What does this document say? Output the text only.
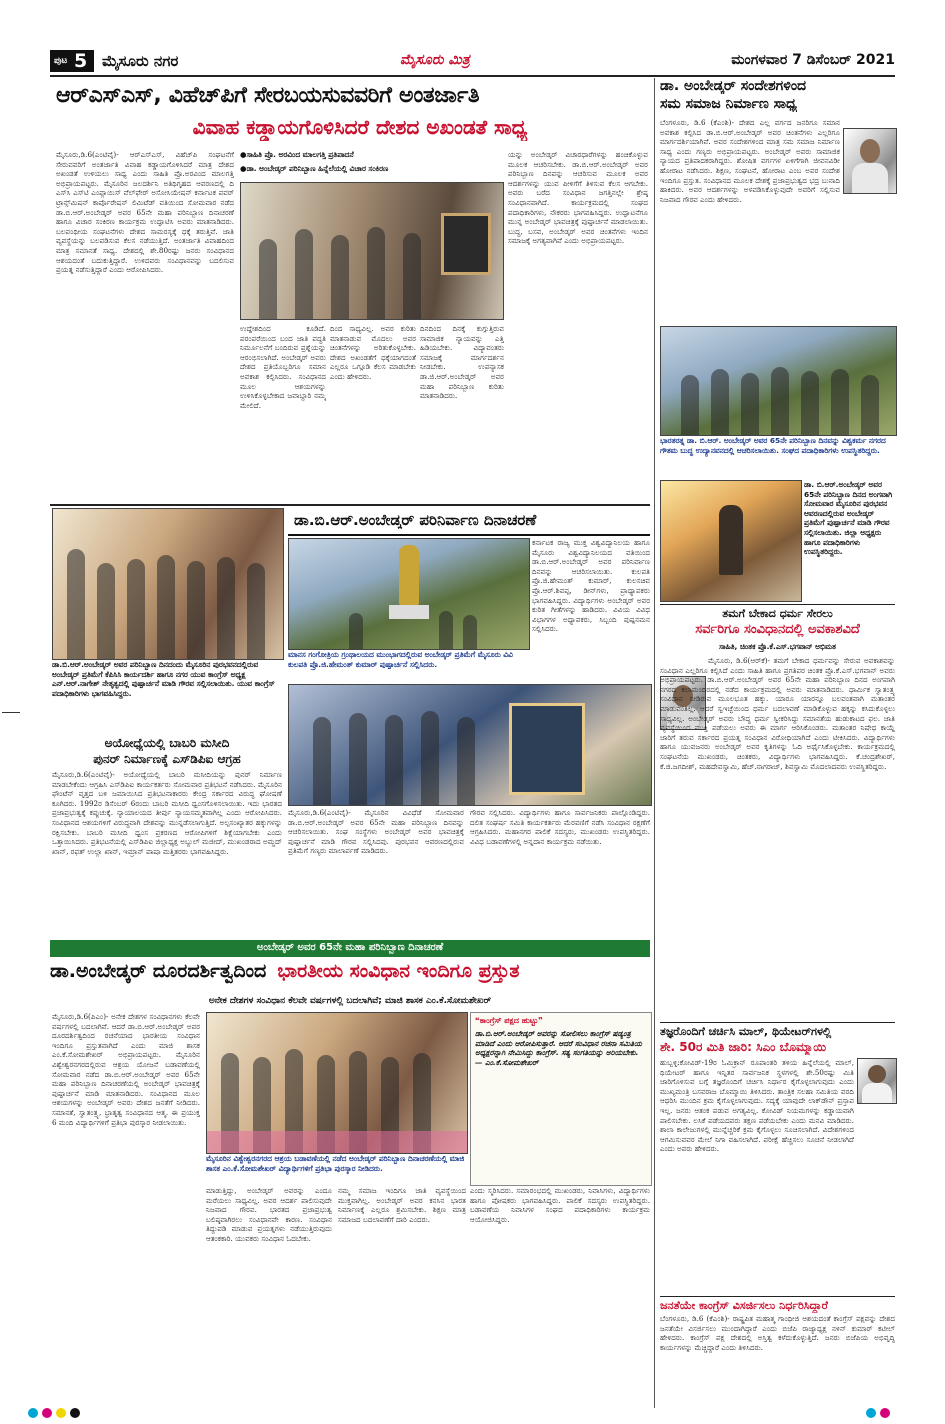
ಪುಟ 5 ಮೈಸೂರು ನಗರ	ಮೈಸೂರು ಮಿತ್ರ	ಮಂಗಳವಾರ 7 ಡಿಸೆಂಬರ್ 2021
ಆರ್‌ಎಸ್‌ಎಸ್, ವಿಹೆಚ್‌ಪಿಗೆ ಸೇರಬಯಸುವವರಿಗೆ ಅಂತರ್ಜಾತಿ
ವಿವಾಹ ಕಡ್ಡಾಯಗೊಳಿಸಿದರೆ ದೇಶದ ಅಖಂಡತೆ ಸಾಧ್ಯ
ಮೈಸೂರು,ಡಿ.6(ಎಂಟಿವೈ)- ಆರ್‌ಎಸ್‌ಎಸ್, ವಿಹೆಚ್‌ಪಿ ಸಂಘಟನೆಗೆ ಸೇರುವವರಿಗೆ ಅಂತರ್ಜಾತಿ ವಿವಾಹ ಕಡ್ಡಾಯಗೊಳಿಸಿದರೆ ಮಾತ್ರ ದೇಶದ ಅಖಂಡತೆ ಉಳಿಯಲು ಸಾಧ್ಯ ಎಂದು ಸಾಹಿತಿ ಪ್ರೊ.ಅರವಿಂದ ಮಾಲಗತ್ತಿ ಅಭಿಪ್ರಾಯಪಟ್ಟರು. ಮೈಸೂರಿನ ಜಲದರ್ಶಿನಿ ಅತಿಥಿಗೃಹದ ಆವರಣದಲ್ಲಿ ದಿ ಎಸ್‌ಸಿ ಎಸ್‌ಟಿ ಎಂಪ್ಲಾಯಿಸ್ ವೆಲ್‌ಫೇರ್ ಅಸೋಸಿಯೇಷನ್ ಕರ್ನಾಟಕ ಪವರ್ ಟ್ರಾನ್ಸ್‌ಮಿಷನ್ ಕಾರ್ಪೊರೇಷನ್ ಲಿಮಿಟೆಡ್ ವತಿಯಿಂದ ಸೋಮವಾರ ನಡೆದ ಡಾ.ಬಿ.ಆರ್.ಅಂಬೇಡ್ಕರ್ ಅವರ 65ನೇ ಮಹಾ ಪರಿನಿಬ್ಬಾಣ ದಿನಾಚರಣೆ ಹಾಗೂ ವಿಚಾರ ಸಂಕಿರಣ ಕಾರ್ಯಕ್ರಮ ಉದ್ಘಾಟಿಸಿ ಅವರು ಮಾತನಾಡಿದರು. ಬಲಪಂಥೀಯ ಸಂಘಟನೆಗಳು ದೇಶದ ಸಾಮರಸ್ಯಕ್ಕೆ ಧಕ್ಕೆ ತರುತ್ತಿವೆ. ಜಾತಿ ವ್ಯವಸ್ಥೆಯನ್ನು ಬಲಪಡಿಸುವ ಕೆಲಸ ನಡೆಯುತ್ತಿದೆ. ಅಂತರ್ಜಾತಿ ವಿವಾಹದಿಂದ ಮಾತ್ರ ಸಮಾನತೆ ಸಾಧ್ಯ. ದೇಶದಲ್ಲಿ ಶೇ.80ರಷ್ಟು ಜನರು ಸಂವಿಧಾನದ ಆಶಯದಂತೆ ಬದುಕುತ್ತಿದ್ದಾರೆ. ಉಳಿದವರು ಸಂವಿಧಾನವನ್ನು ಬದಲಿಸುವ ಪ್ರಯತ್ನ ನಡೆಸುತ್ತಿದ್ದಾರೆ ಎಂದು ಆರೋಪಿಸಿದರು.
●ಸಾಹಿತಿ ಪ್ರೊ. ಅರವಿಂದ ಮಾಲಗತ್ತಿ ಪ್ರತಿಪಾದನೆ
●ಡಾ. ಅಂಬೇಡ್ಕರ್ ಪರಿನಿಬ್ಬಾಣ ಹಿನ್ನೆಲೆಯಲ್ಲಿ ವಿಚಾರ ಸಂಕಿರಣ
ಯನ್ನು ಅಂಬೇಡ್ಕರ್ ವಿಚಾರಧಾರೆಗಳನ್ನು ಹಂಚಿಕೊಳ್ಳುವ ಮೂಲಕ ಆಚರಿಸಬೇಕು. ಡಾ.ಬಿ.ಆರ್.ಅಂಬೇಡ್ಕರ್ ಅವರ ಪರಿನಿಬ್ಬಾಣ ದಿನವನ್ನು ಆಚರಿಸುವ ಮೂಲಕ ಅವರ ಆದರ್ಶಗಳನ್ನು ಯುವ ಪೀಳಿಗೆಗೆ ತಿಳಿಸುವ ಕೆಲಸ ಆಗಬೇಕು. ಅವರು ಬರೆದ ಸಂವಿಧಾನ ಜಗತ್ತಿನಲ್ಲೇ ಶ್ರೇಷ್ಠ ಸಂವಿಧಾನವಾಗಿದೆ. ಕಾರ್ಯಕ್ರಮದಲ್ಲಿ ಸಂಘದ ಪದಾಧಿಕಾರಿಗಳು, ನೌಕರರು ಭಾಗವಹಿಸಿದ್ದರು. ಉದ್ಘಾಟನೆಗೂ ಮುನ್ನ ಅಂಬೇಡ್ಕರ್ ಭಾವಚಿತ್ರಕ್ಕೆ ಪುಷ್ಪಾರ್ಚನೆ ಮಾಡಲಾಯಿತು. ಬುದ್ಧ, ಬಸವ, ಅಂಬೇಡ್ಕರ್ ಅವರ ಚಿಂತನೆಗಳು ಇಂದಿನ ಸಮಾಜಕ್ಕೆ ಅಗತ್ಯವಾಗಿವೆ ಎಂದು ಅಭಿಪ್ರಾಯಪಟ್ಟರು.
ಉದ್ದೇಶದಿಂದ ಕೂಡಿದೆ. ಪರಂಪರೆಯಿಂದ ಬಂದ ಜಾತಿ ಪದ್ಧತಿ ನಿರ್ಮೂಲನೆಗೆ ಬಂದಿರುವ ಪ್ರಶ್ನೆಯನ್ನು ಆರಂಭಿಸಲಾಗಿದೆ. ಅಂಬೇಡ್ಕರ್ ಅವರು ದೇಶದ ಪ್ರತಿಯೊಬ್ಬರಿಗೂ ಸಮಾನ ಅವಕಾಶ ಕಲ್ಪಿಸಿದರು. ಸಂವಿಧಾನದ ಮೂಲ ಆಶಯಗಳನ್ನು ಉಳಿಸಿಕೊಳ್ಳಬೇಕಾದ ಜವಾಬ್ದಾರಿ ನಮ್ಮ ಮೇಲಿದೆ.
ದಿಂದ ಸಾಧ್ಯವಿಲ್ಲ. ಅವರ ಕುರಿತು ಮಾತನಾಡುವ ಮೊದಲು ಅವರ ಚಿಂತನೆಗಳನ್ನು ಅರಿತುಕೊಳ್ಳಬೇಕು. ದೇಶದ ಅಖಂಡತೆಗೆ ಧಕ್ಕೆಯಾಗದಂತೆ ಎಲ್ಲರೂ ಒಗ್ಗೂಡಿ ಕೆಲಸ ಮಾಡಬೇಕು ಎಂದು ಹೇಳಿದರು.
ದಿನದಿಂದ ದಿನಕ್ಕೆ ಕುಗ್ಗುತ್ತಿರುವ ಸಾಮಾಜಿಕ ನ್ಯಾಯವನ್ನು ಎತ್ತಿ ಹಿಡಿಯಬೇಕು. ವಿದ್ಯಾವಂತರು ಸಮಾಜಕ್ಕೆ ಮಾರ್ಗದರ್ಶನ ನೀಡಬೇಕು. ಉಪನ್ಯಾಸಕ ಡಾ.ಜಿ.ಆರ್.ಅಂಬೇಡ್ಕರ್ ಅವರ ಮಹಾ ಪರಿನಿಬ್ಬಾಣ ಕುರಿತು ಮಾತನಾಡಿದರು.
ಡಾ. ಅಂಬೇಡ್ಕರ್ ಸಂದೇಶಗಳಿಂದ
ಸಮ ಸಮಾಜ ನಿರ್ಮಾಣ ಸಾಧ್ಯ
ಬೆಂಗಳೂರು, ಡಿ.6 (ಕೆಎಂಶಿ)- ದೇಶದ ಎಲ್ಲ ವರ್ಗದ ಜನರಿಗೂ ಸಮಾನ ಅವಕಾಶ ಕಲ್ಪಿಸಿದ ಡಾ.ಬಿ.ಆರ್.ಅಂಬೇಡ್ಕರ್ ಅವರ ಚಿಂತನೆಗಳು ಎಲ್ಲರಿಗೂ ಮಾರ್ಗದರ್ಶಿಯಾಗಿವೆ. ಅವರ ಸಂದೇಶಗಳಿಂದ ಮಾತ್ರ ಸಮ ಸಮಾಜ ನಿರ್ಮಾಣ ಸಾಧ್ಯ ಎಂದು ಗಣ್ಯರು ಅಭಿಪ್ರಾಯಪಟ್ಟರು. ಅಂಬೇಡ್ಕರ್ ಅವರು ಸಾಮಾಜಿಕ ನ್ಯಾಯದ ಪ್ರತಿಪಾದಕರಾಗಿದ್ದರು. ಶೋಷಿತ ವರ್ಗಗಳ ಏಳಿಗೆಗಾಗಿ ಜೀವನವಿಡೀ ಹೋರಾಟ ನಡೆಸಿದರು. ಶಿಕ್ಷಣ, ಸಂಘಟನೆ, ಹೋರಾಟ ಎಂಬ ಅವರ ಸಂದೇಶ ಇಂದಿಗೂ ಪ್ರಸ್ತುತ. ಸಂವಿಧಾನದ ಮೂಲಕ ದೇಶಕ್ಕೆ ಪ್ರಜಾಪ್ರಭುತ್ವದ ಭದ್ರ ಬುನಾದಿ ಹಾಕಿದರು. ಅವರ ಆದರ್ಶಗಳನ್ನು ಅಳವಡಿಸಿಕೊಳ್ಳುವುದೇ ಅವರಿಗೆ ಸಲ್ಲಿಸುವ ನಿಜವಾದ ಗೌರವ ಎಂದು ಹೇಳಿದರು.
ಭಾರತರತ್ನ ಡಾ. ಬಿ.ಆರ್. ಅಂಬೇಡ್ಕರ್ ಅವರ 65ನೇ ಪರಿನಿಬ್ಬಾಣ ದಿನವನ್ನು ವಿಶ್ವಕರ್ಮ ನಗರದ ಗೌತಮ ಬುದ್ಧ ಉದ್ಯಾನವನದಲ್ಲಿ ಆಚರಿಸಲಾಯಿತು. ಸಂಘದ ಪದಾಧಿಕಾರಿಗಳು ಉಪಸ್ಥಿತರಿದ್ದರು.
ಡಾ. ಬಿ.ಆರ್.ಅಂಬೇಡ್ಕರ್ ಅವರ 65ನೇ ಪರಿನಿಬ್ಬಾಣ ದಿನದ ಅಂಗವಾಗಿ ಸೋಮವಾರ ಮೈಸೂರಿನ ಪುರಭವನ ಆವರಣದಲ್ಲಿರುವ ಅಂಬೇಡ್ಕರ್ ಪ್ರತಿಮೆಗೆ ಪುಷ್ಪಾರ್ಚನೆ ಮಾಡಿ ಗೌರವ ಸಲ್ಲಿಸಲಾಯಿತು. ಜಿಲ್ಲಾ ಅಧ್ಯಕ್ಷರು ಹಾಗೂ ಪದಾಧಿಕಾರಿಗಳು ಉಪಸ್ಥಿತರಿದ್ದರು.
ತಮಗೆ ಬೇಕಾದ ಧರ್ಮ ಸೇರಲು
ಸರ್ವರಿಗೂ ಸಂವಿಧಾನದಲ್ಲಿ ಅವಕಾಶವಿದೆ
ಸಾಹಿತಿ, ಚಿಂತಕ ಪ್ರೊ.ಕೆ.ಎಸ್.ಭಗವಾನ್ ಅಭಿಮತ
ಮೈಸೂರು, ಡಿ.6(ಆರ್‌ಕೆ)- ತಮಗೆ ಬೇಕಾದ ಧರ್ಮವನ್ನು ಸೇರುವ ಅವಕಾಶವನ್ನು ಸಂವಿಧಾನ ಎಲ್ಲರಿಗೂ ಕಲ್ಪಿಸಿದೆ ಎಂದು ಸಾಹಿತಿ ಹಾಗೂ ಪ್ರಗತಿಪರ ಚಿಂತಕ ಪ್ರೊ.ಕೆ.ಎಸ್.ಭಗವಾನ್ ಅವರು ಅಭಿಪ್ರಾಯಪಟ್ಟರು. ಡಾ.ಬಿ.ಆರ್.ಅಂಬೇಡ್ಕರ್ ಅವರ 65ನೇ ಮಹಾ ಪರಿನಿಬ್ಬಾಣ ದಿನದ ಅಂಗವಾಗಿ ನಗರದ ಕಲಾಮಂದಿರದಲ್ಲಿ ನಡೆದ ಕಾರ್ಯಕ್ರಮದಲ್ಲಿ ಅವರು ಮಾತನಾಡಿದರು. ಧಾರ್ಮಿಕ ಸ್ವಾತಂತ್ರ್ಯ ಸಂವಿಧಾನ ನೀಡಿರುವ ಮೂಲಭೂತ ಹಕ್ಕು. ಯಾರೂ ಯಾರನ್ನೂ ಬಲವಂತವಾಗಿ ಮತಾಂತರ ಮಾಡುವಂತಿಲ್ಲ. ಆದರೆ ಸ್ವಇಚ್ಛೆಯಿಂದ ಧರ್ಮ ಬದಲಾವಣೆ ಮಾಡಿಕೊಳ್ಳುವ ಹಕ್ಕನ್ನು ಕಸಿದುಕೊಳ್ಳಲು ಸಾಧ್ಯವಿಲ್ಲ. ಅಂಬೇಡ್ಕರ್ ಅವರು ಬೌದ್ಧ ಧರ್ಮ ಸ್ವೀಕರಿಸಿದ್ದು ಸಮಾನತೆಯ ಹುಡುಕಾಟದ ಫಲ. ಜಾತಿ ವ್ಯವಸ್ಥೆಯಿಂದ ಮುಕ್ತಿ ಪಡೆಯಲು ಅವರು ಈ ಮಾರ್ಗ ಆರಿಸಿಕೊಂಡರು. ಮತಾಂತರ ನಿಷೇಧ ಕಾಯ್ದೆ ಜಾರಿಗೆ ತರುವ ಸರ್ಕಾರದ ಪ್ರಯತ್ನ ಸಂವಿಧಾನ ವಿರೋಧಿಯಾಗಿದೆ ಎಂದು ಟೀಕಿಸಿದರು. ವಿದ್ಯಾರ್ಥಿಗಳು ಹಾಗೂ ಯುವಜನರು ಅಂಬೇಡ್ಕರ್ ಅವರ ಕೃತಿಗಳನ್ನು ಓದಿ ಅರ್ಥೈಸಿಕೊಳ್ಳಬೇಕು. ಕಾರ್ಯಕ್ರಮದಲ್ಲಿ ಸಂಘಟನೆಯ ಮುಖಂಡರು, ಚಿಂತಕರು, ವಿದ್ಯಾರ್ಥಿಗಳು ಭಾಗವಹಿಸಿದ್ದರು. ಕೆ.ಚಂದ್ರಶೇಖರ್, ಕೆ.ಜಿ.ಜಗದೀಶ್, ಮಹದೇವಸ್ವಾಮಿ, ಹೆಚ್.ನಾಗರಾಜ್, ಶಿವಸ್ವಾಮಿ ಮೊದಲಾದವರು ಉಪಸ್ಥಿತರಿದ್ದರು.
ತಜ್ಞರೊಂದಿಗೆ ಚರ್ಚಿಸಿ ಮಾಲ್, ಥಿಯೇಟರ್‌ಗಳಲ್ಲಿ
ಶೇ. 50ರ ಮಿತಿ ಜಾರಿ: ಸಿಎಂ ಬೊಮ್ಮಾಯಿ
ಹುಬ್ಬಳ್ಳಿ:ಕೋವಿಡ್-19ರ ಓಮಿಕ್ರಾನ್ ರೂಪಾಂತರಿ ತಳಿಯ ಹಿನ್ನೆಲೆಯಲ್ಲಿ ಮಾಲ್, ಥಿಯೇಟರ್ ಹಾಗೂ ಇನ್ನಿತರ ಸಾರ್ವಜನಿಕ ಸ್ಥಳಗಳಲ್ಲಿ ಶೇ.50ರಷ್ಟು ಮಿತಿ ಜಾರಿಗೊಳಿಸುವ ಬಗ್ಗೆ ತಜ್ಞರೊಂದಿಗೆ ಚರ್ಚಿಸಿ ನಿರ್ಧಾರ ಕೈಗೊಳ್ಳಲಾಗುವುದು ಎಂದು ಮುಖ್ಯಮಂತ್ರಿ ಬಸವರಾಜ ಬೊಮ್ಮಾಯಿ ತಿಳಿಸಿದರು. ತಾಂತ್ರಿಕ ಸಲಹಾ ಸಮಿತಿಯ ವರದಿ ಆಧರಿಸಿ ಮುಂದಿನ ಕ್ರಮ ಕೈಗೊಳ್ಳಲಾಗುವುದು. ಸದ್ಯಕ್ಕೆ ಯಾವುದೇ ಲಾಕ್‌ಡೌನ್ ಪ್ರಸ್ತಾಪ ಇಲ್ಲ. ಜನರು ಆತಂಕ ಪಡುವ ಅಗತ್ಯವಿಲ್ಲ. ಕೋವಿಡ್ ನಿಯಮಗಳನ್ನು ಕಡ್ಡಾಯವಾಗಿ ಪಾಲಿಸಬೇಕು. ಲಸಿಕೆ ಪಡೆಯದವರು ತಕ್ಷಣ ಪಡೆಯಬೇಕು ಎಂದು ಮನವಿ ಮಾಡಿದರು. ಶಾಲಾ ಕಾಲೇಜುಗಳಲ್ಲಿ ಮುನ್ನೆಚ್ಚರಿಕೆ ಕ್ರಮ ಕೈಗೊಳ್ಳಲು ಸೂಚಿಸಲಾಗಿದೆ. ವಿದೇಶಗಳಿಂದ ಆಗಮಿಸುವವರ ಮೇಲೆ ನಿಗಾ ವಹಿಸಲಾಗಿದೆ. ಪರೀಕ್ಷೆ ಹೆಚ್ಚಿಸಲು ಸೂಚನೆ ನೀಡಲಾಗಿದೆ ಎಂದು ಅವರು ಹೇಳಿದರು.
ಜನತೆಯೇ ಕಾಂಗ್ರೆಸ್ ವಿಸರ್ಜಿಸಲು ನಿರ್ಧರಿಸಿದ್ದಾರೆ
ಬೆಂಗಳೂರು, ಡಿ.6 (ಕೆಎಂಶಿ)- ರಾಷ್ಟ್ರಪಿತ ಮಹಾತ್ಮ ಗಾಂಧೀಜಿ ಆಶಯದಂತೆ ಕಾಂಗ್ರೆಸ್ ಪಕ್ಷವನ್ನು ದೇಶದ ಜನತೆಯೇ ವಿಸರ್ಜಿಸಲು ಮುಂದಾಗಿದ್ದಾರೆ ಎಂದು ಬಿಜೆಪಿ ರಾಜ್ಯಾಧ್ಯಕ್ಷ ನಳಿನ್ ಕುಮಾರ್ ಕಟೀಲ್ ಹೇಳಿದರು. ಕಾಂಗ್ರೆಸ್ ಪಕ್ಷ ದೇಶದಲ್ಲಿ ಅಸ್ತಿತ್ವ ಕಳೆದುಕೊಳ್ಳುತ್ತಿದೆ. ಜನರು ಬಿಜೆಪಿಯ ಅಭಿವೃದ್ಧಿ ಕಾರ್ಯಗಳನ್ನು ಮೆಚ್ಚಿದ್ದಾರೆ ಎಂದು ತಿಳಿಸಿದರು.
ಡಾ.ಬಿ.ಆರ್.ಅಂಬೇಡ್ಕರ್ ಅವರ ಪರಿನಿಬ್ಬಾಣ ದಿನದಂದು ಮೈಸೂರಿನ ಪುರಭವನದಲ್ಲಿರುವ ಅಂಬೇಡ್ಕರ್ ಪ್ರತಿಮೆಗೆ ಕೆಪಿಸಿಸಿ ಕಾರ್ಯದರ್ಶಿ ಹಾಗೂ ನಗರ ಯುವ ಕಾಂಗ್ರೆಸ್ ಅಧ್ಯಕ್ಷ ಎನ್.ಆರ್.ನಾಗೇಶ್ ನೇತೃತ್ವದಲ್ಲಿ ಪುಷ್ಪಾರ್ಚನೆ ಮಾಡಿ ಗೌರವ ಸಲ್ಲಿಸಲಾಯಿತು. ಯುವ ಕಾಂಗ್ರೆಸ್ ಪದಾಧಿಕಾರಿಗಳು ಭಾಗವಹಿಸಿದ್ದರು.
ಡಾ.ಬಿ.ಆರ್.ಅಂಬೇಡ್ಕರ್ ಪರಿನಿರ್ವಾಣ ದಿನಾಚರಣೆ
ಮಾನಸ ಗಂಗೋತ್ರಿಯ ಗ್ರಂಥಾಲಯದ ಮುಂಭಾಗದಲ್ಲಿರುವ ಅಂಬೇಡ್ಕರ್ ಪ್ರತಿಮೆಗೆ ಮೈಸೂರು ವಿವಿ ಕುಲಪತಿ ಪ್ರೊ.ಜಿ.ಹೇಮಂತ್ ಕುಮಾರ್ ಪುಷ್ಪಾರ್ಚನೆ ಸಲ್ಲಿಸಿದರು.
ಕರ್ನಾಟಕ ರಾಜ್ಯ ಮುಕ್ತ ವಿಶ್ವವಿದ್ಯಾನಿಲಯ ಹಾಗೂ ಮೈಸೂರು ವಿಶ್ವವಿದ್ಯಾನಿಲಯದ ವತಿಯಿಂದ ಡಾ.ಬಿ.ಆರ್.ಅಂಬೇಡ್ಕರ್ ಅವರ ಪರಿನಿರ್ವಾಣ ದಿನವನ್ನು ಆಚರಿಸಲಾಯಿತು. ಕುಲಪತಿ ಪ್ರೊ.ಜಿ.ಹೇಮಂತ್ ಕುಮಾರ್, ಕುಲಸಚಿವ ಪ್ರೊ.ಆರ್.ಶಿವಪ್ಪ, ಡೀನ್‌ಗಳು, ಪ್ರಾಧ್ಯಾಪಕರು ಭಾಗವಹಿಸಿದ್ದರು. ವಿದ್ಯಾರ್ಥಿಗಳು ಅಂಬೇಡ್ಕರ್ ಅವರ ಕುರಿತ ಗೀತೆಗಳನ್ನು ಹಾಡಿದರು. ವಿವಿಯ ವಿವಿಧ ವಿಭಾಗಗಳ ಅಧ್ಯಾಪಕರು, ಸಿಬ್ಬಂದಿ ಪುಷ್ಪನಮನ ಸಲ್ಲಿಸಿದರು.
ಅಯೋಧ್ಯೆಯಲ್ಲಿ ಬಾಬರಿ ಮಸೀದಿ
ಪುನರ್ ನಿರ್ಮಾಣಕ್ಕೆ ಎಸ್‌ಡಿಪಿಐ ಆಗ್ರಹ
ಮೈಸೂರು,ಡಿ.6(ಎಂಟಿವೈ)- ಅಯೋಧ್ಯೆಯಲ್ಲಿ ಬಾಬರಿ ಮಸೀದಿಯನ್ನು ಪುನರ್ ನಿರ್ಮಾಣ ಮಾಡಬೇಕೆಂದು ಆಗ್ರಹಿಸಿ ಎಸ್‌ಡಿಪಿಐ ಕಾರ್ಯಕರ್ತರು ಸೋಮವಾರ ಪ್ರತಿಭಟನೆ ನಡೆಸಿದರು. ಮೈಸೂರಿನ ಫೌಂಟೆನ್ ವೃತ್ತದ ಬಳಿ ಜಮಾಯಿಸಿದ ಪ್ರತಿಭಟನಾಕಾರರು ಕೇಂದ್ರ ಸರ್ಕಾರದ ವಿರುದ್ಧ ಘೋಷಣೆ ಕೂಗಿದರು. 1992ರ ಡಿಸೆಂಬರ್ 6ರಂದು ಬಾಬರಿ ಮಸೀದಿ ಧ್ವಂಸಗೊಳಿಸಲಾಯಿತು. ಇದು ಭಾರತದ ಪ್ರಜಾಪ್ರಭುತ್ವಕ್ಕೆ ಕಪ್ಪುಚುಕ್ಕೆ. ನ್ಯಾಯಾಲಯದ ತೀರ್ಪು ನ್ಯಾಯಸಮ್ಮತವಾಗಿಲ್ಲ ಎಂದು ಆರೋಪಿಸಿದರು. ಸಂವಿಧಾನದ ಆಶಯಗಳಿಗೆ ವಿರುದ್ಧವಾಗಿ ದೇಶವನ್ನು ಮುನ್ನಡೆಸಲಾಗುತ್ತಿದೆ. ಅಲ್ಪಸಂಖ್ಯಾತರ ಹಕ್ಕುಗಳನ್ನು ರಕ್ಷಿಸಬೇಕು. ಬಾಬರಿ ಮಸೀದಿ ಧ್ವಂಸ ಪ್ರಕರಣದ ಆರೋಪಿಗಳಿಗೆ ಶಿಕ್ಷೆಯಾಗಬೇಕು ಎಂದು ಒತ್ತಾಯಿಸಿದರು. ಪ್ರತಿಭಟನೆಯಲ್ಲಿ ಎಸ್‌ಡಿಪಿಐ ಜಿಲ್ಲಾಧ್ಯಕ್ಷ ಅಬ್ದುಲ್ ಮಜೀದ್, ಮುಖಂಡರಾದ ಅಮ್ಜದ್ ಖಾನ್, ರಫತ್ ಉಲ್ಲಾ ಖಾನ್, ಇಮ್ರಾನ್ ಪಾಷಾ ಮತ್ತಿತರರು ಭಾಗವಹಿಸಿದ್ದರು.
ಮೈಸೂರು,ಡಿ.6(ಎಂಟಿವೈ)- ಮೈಸೂರಿನ ವಿವಿಧೆಡೆ ಸೋಮವಾರ ಡಾ.ಬಿ.ಆರ್.ಅಂಬೇಡ್ಕರ್ ಅವರ 65ನೇ ಮಹಾ ಪರಿನಿಬ್ಬಾಣ ದಿನವನ್ನು ಆಚರಿಸಲಾಯಿತು. ಸಂಘ ಸಂಸ್ಥೆಗಳು ಅಂಬೇಡ್ಕರ್ ಅವರ ಭಾವಚಿತ್ರಕ್ಕೆ ಪುಷ್ಪಾರ್ಚನೆ ಮಾಡಿ ಗೌರವ ಸಲ್ಲಿಸಿದವು. ಪುರಭವನ ಆವರಣದಲ್ಲಿರುವ ಪ್ರತಿಮೆಗೆ ಗಣ್ಯರು ಮಾಲಾರ್ಪಣೆ ಮಾಡಿದರು.
ಗೌರವ ಸಲ್ಲಿಸಿದರು. ವಿದ್ಯಾರ್ಥಿಗಳು ಹಾಗೂ ಸಾರ್ವಜನಿಕರು ಪಾಲ್ಗೊಂಡಿದ್ದರು. ದಲಿತ ಸಂಘರ್ಷ ಸಮಿತಿ ಕಾರ್ಯಕರ್ತರು ಮೆರವಣಿಗೆ ನಡೆಸಿ ಸಂವಿಧಾನ ರಕ್ಷಣೆಗೆ ಆಗ್ರಹಿಸಿದರು. ಮಹಾನಗರ ಪಾಲಿಕೆ ಸದಸ್ಯರು, ಮುಖಂಡರು ಉಪಸ್ಥಿತರಿದ್ದರು. ವಿವಿಧ ಬಡಾವಣೆಗಳಲ್ಲಿ ಅನ್ನದಾನ ಕಾರ್ಯಕ್ರಮ ನಡೆಯಿತು.
ಅಂಬೇಡ್ಕರ್ ಅವರ 65ನೇ ಮಹಾ ಪರಿನಿಬ್ಬಾಣ ದಿನಾಚರಣೆ
ಡಾ.ಅಂಬೇಡ್ಕರ್ ದೂರದರ್ಶಿತ್ವದಿಂದ ಭಾರತೀಯ ಸಂವಿಧಾನ ಇಂದಿಗೂ ಪ್ರಸ್ತುತ
ಅನೇಕ ದೇಶಗಳ ಸಂವಿಧಾನ ಕೆಲವೇ ವರ್ಷಗಳಲ್ಲಿ ಬದಲಾಗಿವೆ; ಮಾಜಿ ಶಾಸಕ ಎಂ.ಕೆ.ಸೋಮಶೇಖರ್
ಮೈಸೂರು,ಡಿ.6(ಪಿಎಂ)- ಅನೇಕ ದೇಶಗಳ ಸಂವಿಧಾನಗಳು ಕೆಲವೇ ವರ್ಷಗಳಲ್ಲಿ ಬದಲಾಗಿವೆ. ಆದರೆ ಡಾ.ಬಿ.ಆರ್.ಅಂಬೇಡ್ಕರ್ ಅವರ ದೂರದರ್ಶಿತ್ವದಿಂದ ರಚನೆಯಾದ ಭಾರತೀಯ ಸಂವಿಧಾನ ಇಂದಿಗೂ ಪ್ರಸ್ತುತವಾಗಿದೆ ಎಂದು ಮಾಜಿ ಶಾಸಕ ಎಂ.ಕೆ.ಸೋಮಶೇಖರ್ ಅಭಿಪ್ರಾಯಪಟ್ಟರು. ಮೈಸೂರಿನ ವಿಶ್ವೇಶ್ವರನಗರದಲ್ಲಿರುವ ಆಶ್ರಯ ಯೋಜನೆ ಬಡಾವಣೆಯಲ್ಲಿ ಸೋಮವಾರ ನಡೆದ ಡಾ.ಬಿ.ಆರ್.ಅಂಬೇಡ್ಕರ್ ಅವರ 65ನೇ ಮಹಾ ಪರಿನಿಬ್ಬಾಣ ದಿನಾಚರಣೆಯಲ್ಲಿ ಅಂಬೇಡ್ಕರ್ ಭಾವಚಿತ್ರಕ್ಕೆ ಪುಷ್ಪಾರ್ಚನೆ ಮಾಡಿ ಮಾತನಾಡಿದರು. ಸಂವಿಧಾನದ ಮೂಲ ಆಶಯಗಳನ್ನು ಅಂಬೇಡ್ಕರ್ ಅವರು ದೇಶದ ಜನತೆಗೆ ನೀಡಿದರು. ಸಮಾನತೆ, ಸ್ವಾತಂತ್ರ್ಯ, ಭ್ರಾತೃತ್ವ ಸಂವಿಧಾನದ ಆತ್ಮ. ಈ ಪ್ರಯುಕ್ತ 6 ಮಂದಿ ವಿದ್ಯಾರ್ಥಿಗಳಿಗೆ ಪ್ರತಿಭಾ ಪುರಸ್ಕಾರ ನೀಡಲಾಯಿತು.
ಮೈಸೂರಿನ ವಿಶ್ವೇಶ್ವರನಗರದ ಆಶ್ರಯ ಬಡಾವಣೆಯಲ್ಲಿ ನಡೆದ ಅಂಬೇಡ್ಕರ್ ಪರಿನಿಬ್ಬಾಣ ದಿನಾಚರಣೆಯಲ್ಲಿ ಮಾಜಿ ಶಾಸಕ ಎಂ.ಕೆ.ಸೋಮಶೇಖರ್ ವಿದ್ಯಾರ್ಥಿಗಳಿಗೆ ಪ್ರತಿಭಾ ಪುರಸ್ಕಾರ ನೀಡಿದರು.
❝ಕಾಂಗ್ರೆಸ್ ಪಕ್ಷದ ಹುಟ್ಟು❞
ಡಾ.ಬಿ.ಆರ್.ಅಂಬೇಡ್ಕರ್ ಅವರನ್ನು ಸೋಲಿಸಲು ಕಾಂಗ್ರೆಸ್ ಷಡ್ಯಂತ್ರ ಮಾಡಿದೆ ಎಂದು ಆರೋಪಿಸುತ್ತಾರೆ. ಆದರೆ ಸಂವಿಧಾನ ರಚನಾ ಸಮಿತಿಯ ಅಧ್ಯಕ್ಷರನ್ನಾಗಿ ನೇಮಿಸಿದ್ದು ಕಾಂಗ್ರೆಸ್. ಸತ್ಯ ಸಂಗತಿಯನ್ನು ಅರಿಯಬೇಕು. — ಎಂ.ಕೆ.ಸೋಮಶೇಖರ್
ಮಾಡುತ್ತಿದ್ದು, ಅಂಬೇಡ್ಕರ್ ಅವರನ್ನು ಎಂದೂ ಮರೆಯಲು ಸಾಧ್ಯವಿಲ್ಲ. ಅವರ ಆದರ್ಶ ಪಾಲಿಸುವುದೇ ನಿಜವಾದ ಗೌರವ. ಭಾರತದ ಪ್ರಜಾಪ್ರಭುತ್ವ ಬಲಿಷ್ಠವಾಗಿರಲು ಸಂವಿಧಾನವೇ ಕಾರಣ. ಸಂವಿಧಾನ ತಿದ್ದುಪಡಿ ಮಾಡುವ ಪ್ರಯತ್ನಗಳು ನಡೆಯುತ್ತಿರುವುದು ಆತಂಕಕಾರಿ. ಯುವಕರು ಸಂವಿಧಾನ ಓದಬೇಕು.
ನಮ್ಮ ಸಮಾಜ ಇಂದಿಗೂ ಜಾತಿ ವ್ಯವಸ್ಥೆಯಿಂದ ಮುಕ್ತವಾಗಿಲ್ಲ. ಅಂಬೇಡ್ಕರ್ ಅವರ ಕನಸಿನ ಭಾರತ ನಿರ್ಮಾಣಕ್ಕೆ ಎಲ್ಲರೂ ಶ್ರಮಿಸಬೇಕು. ಶಿಕ್ಷಣ ಮಾತ್ರ ಸಮಾಜದ ಬದಲಾವಣೆಗೆ ದಾರಿ ಎಂದರು.
ಎಂದು ಸ್ಮರಿಸಿದರು. ಸಮಾರಂಭದಲ್ಲಿ ಮುಖಂಡರು, ನಿವಾಸಿಗಳು, ವಿದ್ಯಾರ್ಥಿಗಳು ಹಾಗೂ ಪೋಷಕರು ಭಾಗವಹಿಸಿದ್ದರು. ಪಾಲಿಕೆ ಸದಸ್ಯರು ಉಪಸ್ಥಿತರಿದ್ದರು. ಬಡಾವಣೆಯ ನಿವಾಸಿಗಳ ಸಂಘದ ಪದಾಧಿಕಾರಿಗಳು ಕಾರ್ಯಕ್ರಮ ಆಯೋಜಿಸಿದ್ದರು.
